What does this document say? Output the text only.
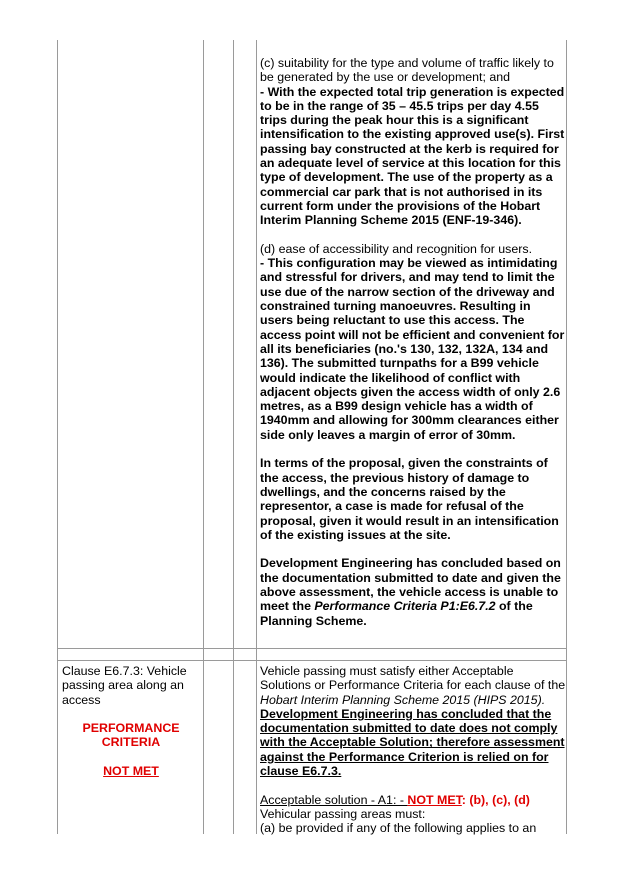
(c) suitability for the type and volume of traffic likely to be generated by the use or development; and

- With the expected total trip generation is expected to be in the range of 35 – 45.5 trips per day 4.55 trips during the peak hour this is a significant intensification to the existing approved use(s). First passing bay constructed at the kerb is required for an adequate level of service at this location for this type of development. The use of the property as a commercial car park that is not authorised in its current form under the provisions of the Hobart Interim Planning Scheme 2015 (ENF-19-346).

(d) ease of accessibility and recognition for users.

- This configuration may be viewed as intimidating and stressful for drivers, and may tend to limit the use due of the narrow section of the driveway and constrained turning manoeuvres. Resulting in users being reluctant to use this access. The access point will not be efficient and convenient for all its beneficiaries (no.'s 130, 132, 132A, 134 and 136). The submitted turnpaths for a B99 vehicle would indicate the likelihood of conflict with adjacent objects given the access width of only 2.6 metres, as a B99 design vehicle has a width of 1940mm and allowing for 300mm clearances either side only leaves a margin of error of 30mm.

In terms of the proposal, given the constraints of the access, the previous history of damage to dwellings, and the concerns raised by the representor, a case is made for refusal of the proposal, given it would result in an intensification of the existing issues at the site.

Development Engineering has concluded based on the documentation submitted to date and given the above assessment, the vehicle access is unable to meet the Performance Criteria P1:E6.7.2 of the Planning Scheme.

Clause E6.7.3: Vehicle passing area along an access

PERFORMANCE CRITERIA

NOT MET

Vehicle passing must satisfy either Acceptable Solutions or Performance Criteria for each clause of the Hobart Interim Planning Scheme 2015 (HIPS 2015).

Development Engineering has concluded that the documentation submitted to date does not comply with the Acceptable Solution; therefore assessment against the Performance Criterion is relied on for clause E6.7.3.

Acceptable solution - A1: - NOT MET: (b), (c), (d)

Vehicular passing areas must:

(a) be provided if any of the following applies to an
